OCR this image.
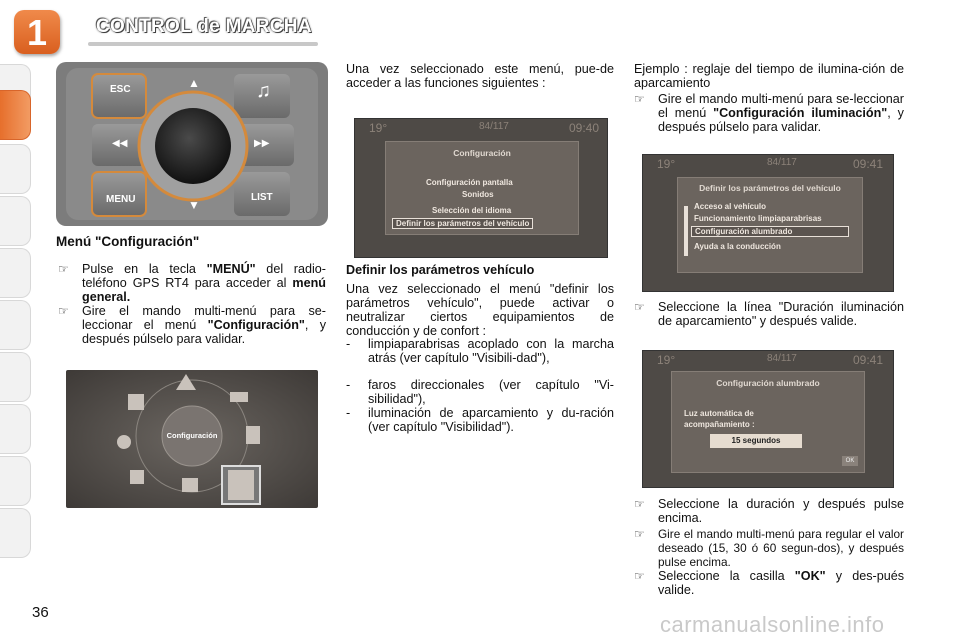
1	CONTROL de MARCHA
ESC
MENU	LIST
▲
▼
◀◀	▶▶
♫
Menú "Configuración"
☞ Pulse en la tecla "MENÚ" del radio-teléfono GPS RT4 para acceder al menú general.
☞ Gire el mando multi-menú para se-leccionar el menú "Configuración", y después púlselo para validar.
Configuración
Una vez seleccionado este menú, pue-de acceder a las funciones siguientes :
19°	84/117	09:40
Configuración
Configuración pantalla
Sonidos
Selección del idioma
Definir los parámetros del vehículo
Definir los parámetros vehículo
Una vez seleccionado el menú "definir los parámetros vehículo", puede activar o neutralizar ciertos equipamientos de conducción y de confort :
- limpiaparabrisas acoplado con la marcha atrás (ver capítulo "Visibili-dad"),
- faros direccionales (ver capítulo "Vi-sibilidad"),
- iluminación de aparcamiento y du-ración (ver capítulo "Visibilidad").
Ejemplo : reglaje del tiempo de ilumina-ción de aparcamiento
☞ Gire el mando multi-menú para se-leccionar el menú "Configuración iluminación", y después púlselo para validar.
19°	84/117	09:41
Definir los parámetros del vehículo
Acceso al vehículo
Funcionamiento limpiaparabrisas
Configuración alumbrado
Ayuda a la conducción
☞ Seleccione la línea "Duración iluminación de aparcamiento" y después valide.
19°	84/117	09:41
Configuración alumbrado
Luz automática de acompañamiento :
15 segundos
OK
☞ Seleccione la duración y después pulse encima.
☞ Gire el mando multi-menú para regular el valor deseado (15, 30 ó 60 segun-dos), y después pulse encima.
☞ Seleccione la casilla "OK" y des-pués valide.
36	carmanualsonline.info
